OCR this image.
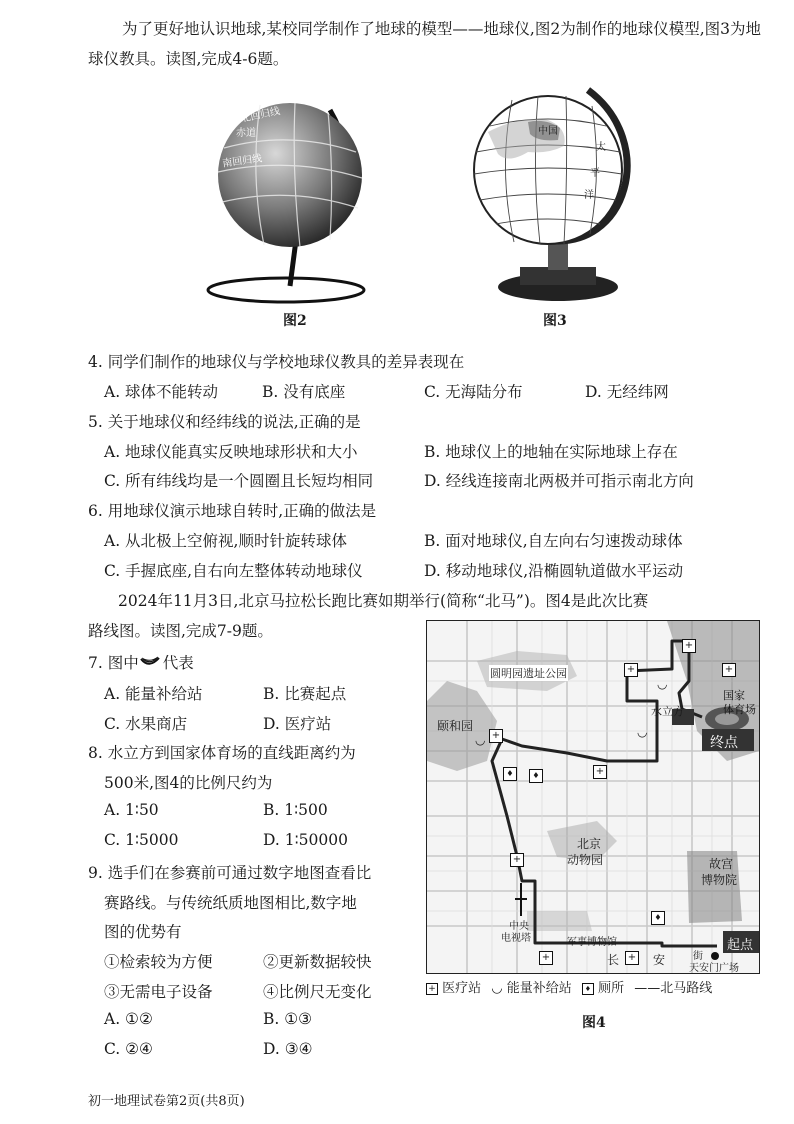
为了更好地认识地球,某校同学制作了地球的模型——地球仪,图2为制作的地球仪模型,图3为地球仪教具。读图,完成4-6题。
北回归线
赤道
南回归线
图2
中国
太
平
洋
图3
4. 同学们制作的地球仪与学校地球仪教具的差异表现在
A. 球体不能转动	B. 没有底座	C. 无海陆分布	D. 无经纬网
5. 关于地球仪和经纬线的说法,正确的是
A. 地球仪能真实反映地球形状和大小	B. 地球仪上的地轴在实际地球上存在
C. 所有纬线均是一个圆圈且长短均相同	D. 经线连接南北两极并可指示南北方向
6. 用地球仪演示地球自转时,正确的做法是
A. 从北极上空俯视,顺时针旋转球体	B. 面对地球仪,自左向右匀速拨动球体
C. 手握底座,自右向左整体转动地球仪	D. 移动地球仪,沿椭圆轨道做水平运动
2024年11月3日,北京马拉松长跑比赛如期举行(简称“北马”)。图4是此次比赛
路线图。读图,完成7-9题。
7. 图中 代表
A. 能量补给站	B. 比赛起点
C. 水果商店	D. 医疗站
8. 水立方到国家体育场的直线距离约为
500米,图4的比例尺约为
A. 1∶50	B. 1∶500
C. 1∶5000	D. 1∶50000
9. 选手们在参赛前可通过数字地图查看比
赛路线。与传统纸质地图相比,数字地
图的优势有
①检索较为方便	②更新数据较快
③无需电子设备	④比例尺无变化
A. ①②	B. ①③
C. ②④	D. ③④
+
+
+
+
+
+	+
+
♦	♦
♦
◡
◡
◡
圆明园遗址公园
水立方
国家
体育场
终点
颐和园
北京
动物园
中央
电视塔	军事博物馆
故宫
博物院
起点
长	安	街
天安门广场
+ 医疗站 ◡ 能量补给站 ♦ 厕所 ——北马路线
图4
初一地理试卷第2页(共8页)
